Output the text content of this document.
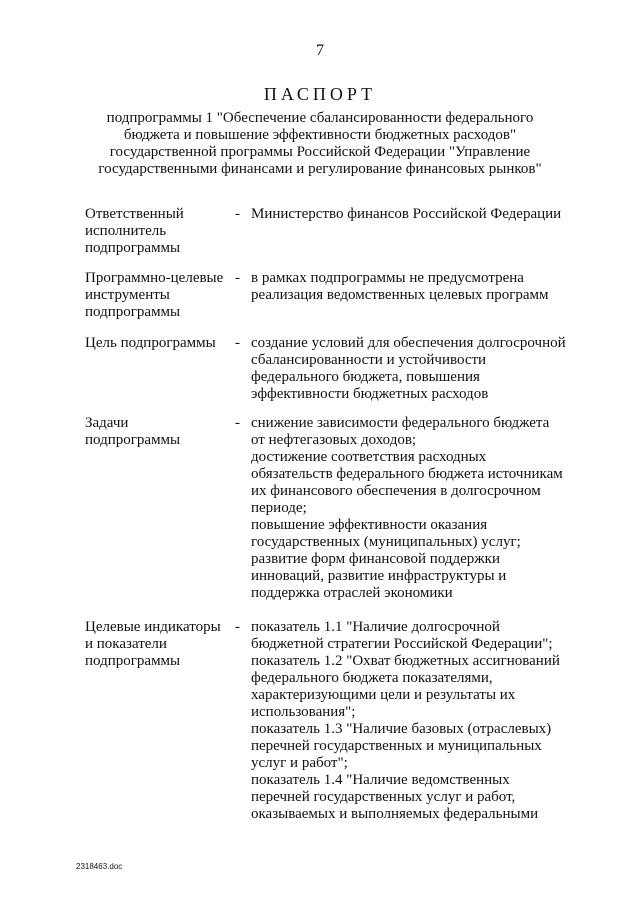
7
ПАСПОРТ
подпрограммы 1 "Обеспечение сбалансированности федерального
бюджета и повышение эффективности бюджетных расходов"
государственной программы Российской Федерации "Управление
государственными финансами и регулирование финансовых рынков"
Ответственный
исполнитель
подпрограммы
- Министерство финансов Российской Федерации
Программно-целевые
инструменты
подпрограммы
- в рамках подпрограммы не предусмотрена
реализация ведомственных целевых программ
Цель подпрограммы	- создание условий для обеспечения долгосрочной
сбалансированности и устойчивости
федерального бюджета, повышения
эффективности бюджетных расходов
Задачи
подпрограммы
- снижение зависимости федерального бюджета
от нефтегазовых доходов;
достижение соответствия расходных
обязательств федерального бюджета источникам
их финансового обеспечения в долгосрочном
периоде;
повышение эффективности оказания
государственных (муниципальных) услуг;
развитие форм финансовой поддержки
инноваций, развитие инфраструктуры и
поддержка отраслей экономики
Целевые индикаторы
и показатели
подпрограммы
- показатель 1.1 "Наличие долгосрочной
бюджетной стратегии Российской Федерации";
показатель 1.2 "Охват бюджетных ассигнований
федерального бюджета показателями,
характеризующими цели и результаты их
использования";
показатель 1.3 "Наличие базовых (отраслевых)
перечней государственных и муниципальных
услуг и работ";
показатель 1.4 "Наличие ведомственных
перечней государственных услуг и работ,
оказываемых и выполняемых федеральными
2318463.doc
